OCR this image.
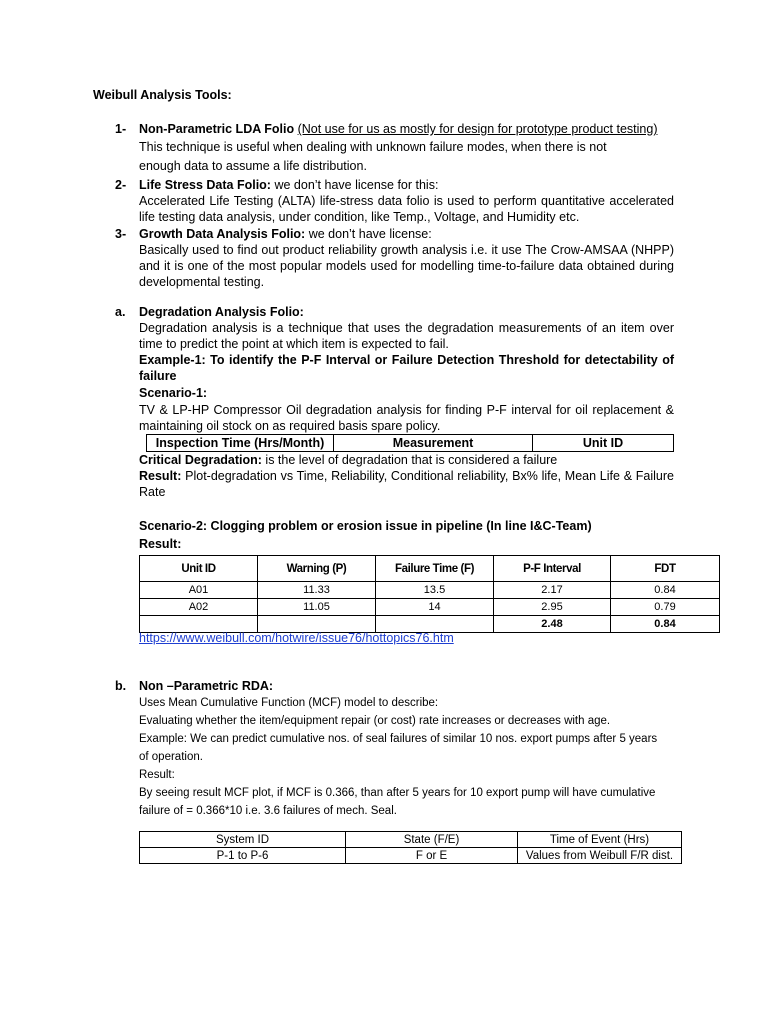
Weibull Analysis Tools:
1- Non-Parametric LDA Folio (Not use for us as mostly for design for prototype product testing)
This technique is useful when dealing with unknown failure modes, when there is not
enough data to assume a life distribution.
2- Life Stress Data Folio: we don’t have license for this:
Accelerated Life Testing (ALTA) life-stress data folio is used to perform quantitative accelerated life testing data analysis, under condition, like Temp., Voltage, and Humidity etc.
3- Growth Data Analysis Folio: we don’t have license:
Basically used to find out product reliability growth analysis i.e. it use The Crow-AMSAA (NHPP) and it is one of the most popular models used for modelling time-to-failure data obtained during developmental testing.
a. Degradation Analysis Folio:
Degradation analysis is a technique that uses the degradation measurements of an item over time to predict the point at which item is expected to fail.
Example-1: To identify the P-F Interval or Failure Detection Threshold for detectability of failure
Scenario-1:
TV & LP-HP Compressor Oil degradation analysis for finding P-F interval for oil replacement & maintaining oil stock on as required basis spare policy.
Inspection Time (Hrs/Month)	Measurement	Unit ID
Critical Degradation: is the level of degradation that is considered a failure
Result: Plot-degradation vs Time, Reliability, Conditional reliability, Bx% life, Mean Life & Failure Rate
Scenario-2: Clogging problem or erosion issue in pipeline (In line I&C-Team)
Result:
Unit ID	Warning (P)	Failure Time (F)	P-F Interval	FDT
A01	11.33	13.5	2.17	0.84
A02	11.05	14	2.95	0.79
			2.48	0.84
https://www.weibull.com/hotwire/issue76/hottopics76.htm
b. Non –Parametric RDA:
Uses Mean Cumulative Function (MCF) model to describe:
Evaluating whether the item/equipment repair (or cost) rate increases or decreases with age.
Example: We can predict cumulative nos. of seal failures of similar 10 nos. export pumps after 5 years
of operation.
Result:
By seeing result MCF plot, if MCF is 0.366, than after 5 years for 10 export pump will have cumulative
failure of = 0.366*10 i.e. 3.6 failures of mech. Seal.
System ID	State (F/E)	Time of Event (Hrs)
P-1 to P-6	F or E	Values from Weibull F/R dist.
